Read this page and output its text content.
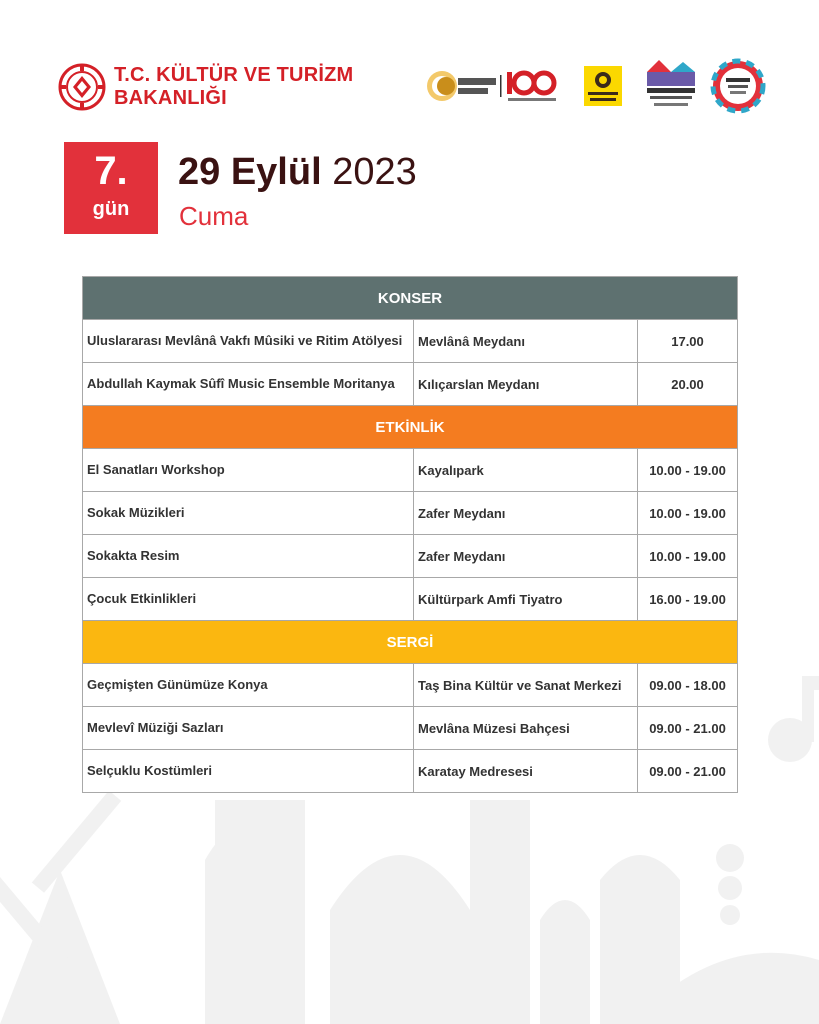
T.C. KÜLTÜR VE TURİZM
BAKANLIĞI
7.
gün
29 Eylül 2023
Cuma
KONSER		
Uluslararası Mevlânâ Vakfı Mûsiki ve Ritim Atölyesi	Mevlânâ Meydanı	17.00
Abdullah Kaymak Sûfî Music Ensemble Moritanya	Kılıçarslan Meydanı	20.00
ETKİNLİK		
El Sanatları Workshop	Kayalıpark	10.00 - 19.00
Sokak Müzikleri	Zafer Meydanı	10.00 - 19.00
Sokakta Resim	Zafer Meydanı	10.00 - 19.00
Çocuk Etkinlikleri	Kültürpark Amfi Tiyatro	16.00 - 19.00
SERGİ		
Geçmişten Günümüze Konya	Taş Bina Kültür ve Sanat Merkezi	09.00 - 18.00
Mevlevî Müziği Sazları	Mevlâna Müzesi Bahçesi	09.00 - 21.00
Selçuklu Kostümleri	Karatay Medresesi	09.00 - 21.00
